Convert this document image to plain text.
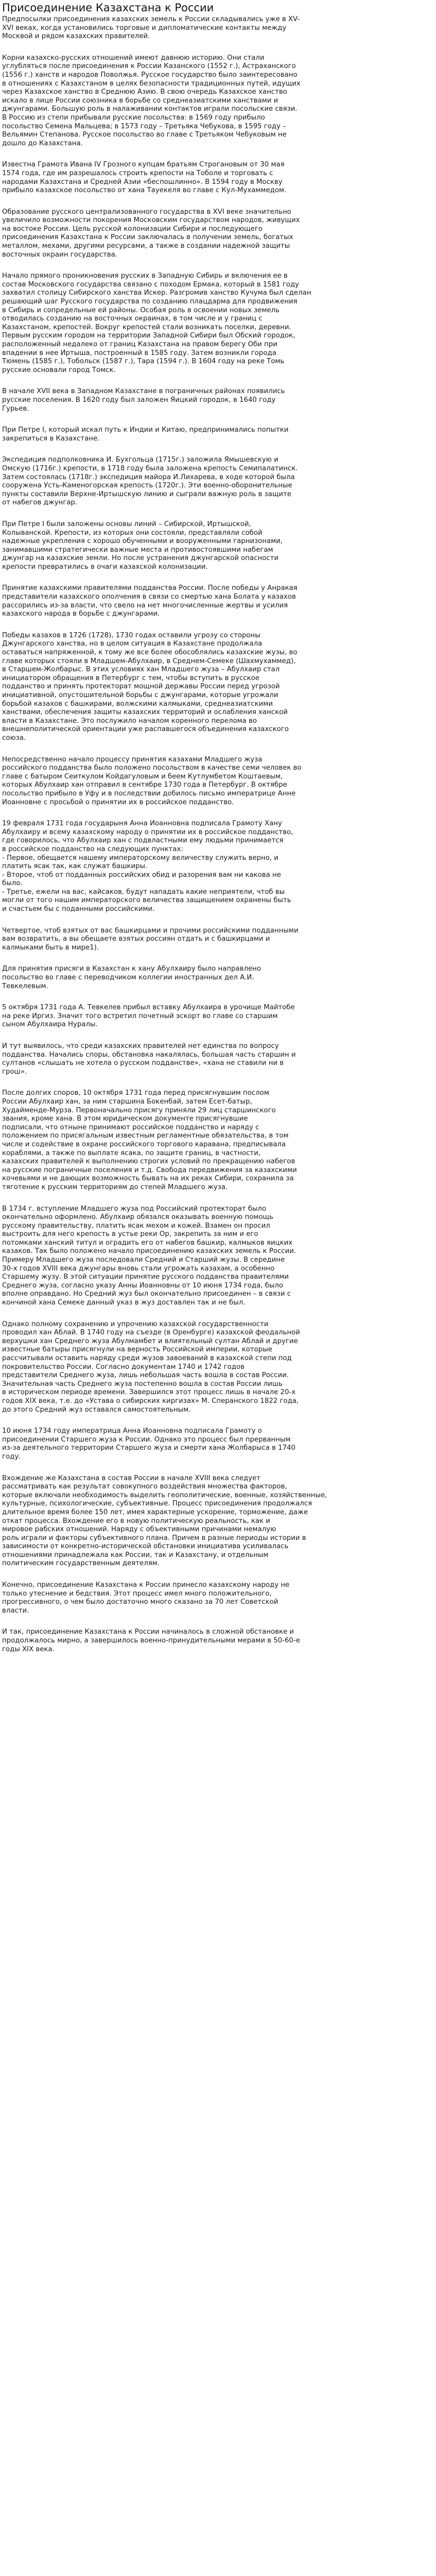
Присоединение Казахстана к России

Предпосылки присоединения казахских земель к России складывались уже в XV-
XVI веках, когда установились торговые и дипломатические контакты между
Москвой и рядом казахских правителей.

Корни казахско-русских отношений имеют давнюю историю. Они стали
углубляться после присоединения к России Казанского (1552 г.), Астраханского
(1556 г.) ханств и народов Поволжья. Русское государство было заинтересовано
в отношениях с Казахстаном в целях безопасности традиционных путей, идущих
через Казахское ханство в Среднюю Азию. В свою очередь Казахское ханство
искало в лице России союзника в борьбе со среднеазиатскими ханствами и
джунгарами. Большую роль в налаживании контактов играли посольские связи.
В Россию из степи прибывали русские посольства: в 1569 году прибыло
посольство Семена Мальцева; в 1573 году – Третьяка Чебукова, в 1595 году –
Вельямин Степанова. Русское посольство во главе с Третьяком Чебуковым не
дошло до Казахстана.

Известна Грамота Ивана IV Грозного купцам братьям Строгановым от 30 мая
1574 года, где им разрешалось строить крепости на Тоболе и торговать с
народами Казахстана и Средней Азии «беспошлинно». В 1594 году в Москву
прибыло казахское посольство от хана Тауекеля во главе с Кул-Мухаммедом.

Образование русского централизованного государства в XVI веке значительно
увеличило возможности покорения Московским государством народов, живущих
на востоке России. Цель русской колонизации Сибири и последующего
присоединения Казахстана к России заключалась в получении земель, богатых
металлом, мехами, другими ресурсами, а также в создании надежной защиты
восточных окраин государства.

Начало прямого проникновения русских в Западную Сибирь и включения ее в
состав Московского государства связано с походом Ермака, который в 1581 году
захватил столицу Сибирского ханства Искер. Разгромив ханство Кучума был сделан
решающий шаг Русского государства по созданию плацдарма для продвижения
в Сибирь и сопредельные ей районы. Особая роль в освоении новых земель
отводилась созданию на восточных окраинах, в том числе и у границ с
Казахстаном, крепостей. Вокруг крепостей стали возникать поселки, деревни.
Первым русским городом на территории Западной Сибири был Обский городок,
расположенный недалеко от границ Казахстана на правом берегу Оби при
впадении в нее Иртыша, построенный в 1585 году. Затем возникли города
Тюмень (1585 г.), Тобольск (1587 г.), Тара (1594 г.). В 1604 году на реке Томь
русские основали город Томск.

В начале XVII века в Западном Казахстане в пограничных районах появились
русские поселения. В 1620 году был заложен Яицкий городок, в 1640 году
Гурьев.

При Петре I, который искал путь к Индии и Китаю, предпринимались попытки
закрепиться в Казахстане.

Экспедиция подполковника И. Бухгольца (1715г.) заложила Ямышевскую и
Омскую (1716г.) крепости, в 1718 году была заложена крепость Семипалатинск.
Затем состоялась (1718г.) экспедиция майора И.Лихарева, в ходе которой была
сооружена Усть-Каменогорская крепость (1720г.). Эти военно-оборонительные
пункты составили Верхне-Иртышскую линию и сыграли важную роль в защите
от набегов джунгар.

При Петре I были заложены основы линий – Сибирской, Иртышской,
Колыванской. Крепости, из которых они состояли, представляли собой
надежные укрепления с хорошо обученными и вооруженными гарнизонами,
занимавшими стратегически важные места и противостоявшими набегам
джунгар на казахские земли. Но после устранения джунгарской опасности
крепости превратились в очаги казахской колонизации.

Принятие казахскими правителями подданства России. После победы у Анракая
представители казахского ополчения в связи со смертью хана Болата у казахов
рассорились из-за власти, что свело на нет многочисленные жертвы и усилия
казахского народа в борьбе с джунгарами.

Победы казахов в 1726 (1728), 1730 годах оставили угрозу со стороны
Джунгарского ханства, но в целом ситуация в Казахстане продолжала
оставаться напряженной, к тому же все более обособлялись казахские жузы, во
главе которых стояли в Младшем-Абулхаир, в Среднем-Семеке (Шахмухаммед),
в Старшем-Жолбарыс. В этих условиях хан Младшего жуза – Абулхаир стал
инициатором обращения в Петербург с тем, чтобы вступить в русское
подданство и принять протекторат мощной державы России перед угрозой
инициативной, опустошительной борьбы с джунгарами, которые угрожали
борьбой казахов с башкирами, волжскими калмыками, среднеазиатскими
ханствами, обеспечения защиты казахских территорий и ослабления ханской
власти в Казахстане. Это послужило началом коренного перелома во
внешнеполитической ориентации уже распавшегося объединения казахского
союза.

Непосредственно начало процессу принятия казахами Младшего жуза
российского подданства было положено посольством в качестве семи человек во
главе с батыром Сеиткулом Койдагуловым и беем Кутлумбетом Коштаевым,
которых Абулхаир хан отправил в сентябре 1730 года в Петербург. В октябре
посольство прибыло в Уфу и в последствии добилось письмо императрице Анне
Иоанновне с просьбой о принятии их в российское подданство.

19 февраля 1731 года государыня Анна Иоанновна подписала Грамоту Хану
Абулхаиру и всему казахскому народу о принятии их в российское подданство,
где говорилось, что Абулхаир хан с подвластными ему людьми принимается
в российское подданство на следующих пунктах:
- Первое, обещается нашему императорскому величеству служить верно, и
платить ясак так, как служат башкиры.
- Второе, чтоб от подданных российских обид и разорения вам ни какова не
было.
- Третье, ежели на вас, кайсаков, будут нападать какие неприятели, чтоб вы
могли от того нашим императорского величества защищением охранены быть
и счастьем бы с поданными российскими.

Четвертое, чтоб взятых от вас башкирцами и прочими российскими подданными
вам возвратить, а вы обещаете взятых россиян отдать и с башкирцами и
калмыками быть в мире1).

Для принятия присяги в Казахстан к хану Абулхаиру было направлено
посольство во главе с переводчиком коллегии иностранных дел А.И.
Тевкелевым.

5 октября 1731 года А. Тевкелев прибыл вставку Абулхаира в урочище Майтобе
на реке Иргиз. Значит того встретил почетный эскорт во главе со старшим
сыном Абулхаира Нуралы.

И тут выявилось, что среди казахских правителей нет единства по вопросу
подданства. Начались споры, обстановка накалялась, большая часть старшин и
султанов «слышать не хотела о русском подданстве», «хана не ставили ни в
грош».

После долгих споров, 10 октября 1731 года перед присягнувшим послом
России Абулхаир хан, за ним старшина Бокенбай, затем Есет-батыр,
Худайменде-Мурза. Первоначально присягу приняли 29 лиц старшинского
звания, кроме хана. В этом юридическом документе присягнувшие
подписали, что отныне принимают российское подданство и наряду с
положением по присягальным известным регламентные обязательства, в том
числе и содействие в охране российского торгового каравана, предписывала
кораблями, а также по выплате ясака, по защите границ, в частности,
казахских правителей к выполнению строгих условий по прекращению набегов
на русские пограничные поселения и т.д. Свобода передвижения за казахскими
кочевьями и не дающих возможность бывать на их реках Сибири, сохранила за
тяготение к русским территориям до степей Младшего жуза.

В 1734 г. вступление Младшего жуза под Российский протекторат было
окончательно оформлено. Абулхаир обязался оказывать военную помощь
русскому правительству, платить ясак мехом и кожей. Взамен он просил
выстроить для него крепость в устье реки Ор, закрепить за ним и его
потомками ханский титул и оградить его от набегов башкир, калмыков яицких
казаков. Так было положено начало присоединению казахских земель к России.
Примеру Младшего жуза последовали Средний и Старший жузы. В середине
30-х годов XVIII века джунгары вновь стали угрожать казахам, а особенно
Старшему жузу. В этой ситуации принятие русского подданства правителями
Среднего жуза, согласно указу Анны Иоанновны от 10 июня 1734 года, было
вполне оправдано. Но Средний жуз был окончательно присоединен – в связи с
кончиной хана Семеке данный указ в жуз доставлен так и не был.

Однако полному сохранению и упрочению казахской государственности
проводил хан Аблай. В 1740 году на съезде (в Оренбурге) казахской феодальной
верхушки хан Среднего жуза Абулмамбет и влиятельный султан Аблай и другие
известные батыры присягнули на верность Российской империи, которые
рассчитывали оставить наряду среди жузов завоеваний в казахской степи под
покровительство России. Согласно документам 1740 и 1742 годов
представители Среднего жуза, лишь небольшая часть вошла в состав России.
Значительная часть Среднего жуза постепенно вошла в состав России лишь
в историческом периоде времени. Завершился этот процесс лишь в начале 20-х
годов XIX века, т.е. до «Устава о сибирских киргизах» М. Сперанского 1822 года,
до этого Средний жуз оставался самостоятельным.

10 июня 1734 году императрица Анна Иоанновна подписала Грамоту о
присоединении Старшего жуза к России. Однако это процесс был прерванным
из-за деятельного территории Старшего жуза и смерти хана Жолбарыса в 1740
году.

Вхождение же Казахстана в состав России в начале XVIII века следует
рассматривать как результат совокупного воздействия множества факторов,
которые включали необходимость выделить геополитические, военные, хозяйственные,
культурные, психологические, субъективные. Процесс присоединения продолжался
длительное время более 150 лет, имея характерные ускорение, торможение, даже
откат процесса. Вхождение его в новую политическую реальность, как и
мировое рабских отношений. Наряду с объективными причинами немалую
роль играли и факторы субъективного плана. Причем в разные периоды истории в
зависимости от конкретно-исторической обстановки инициатива усиливалась
отношениями принадлежала как России, так и Казахстану, и отдельным
политическим государственным деятелям.

Конечно, присоединение Казахстана к России принесло казахскому народу не
только утеснение и бедствия. Этот процесс имел много положительного,
прогрессивного, о чем было достаточно много сказано за 70 лет Советской
власти.

И так, присоединение Казахстана к России начиналось в сложной обстановке и
продолжалось мирно, а завершилось военно-принудительными мерами в 50-60-е
годы XIX века.
